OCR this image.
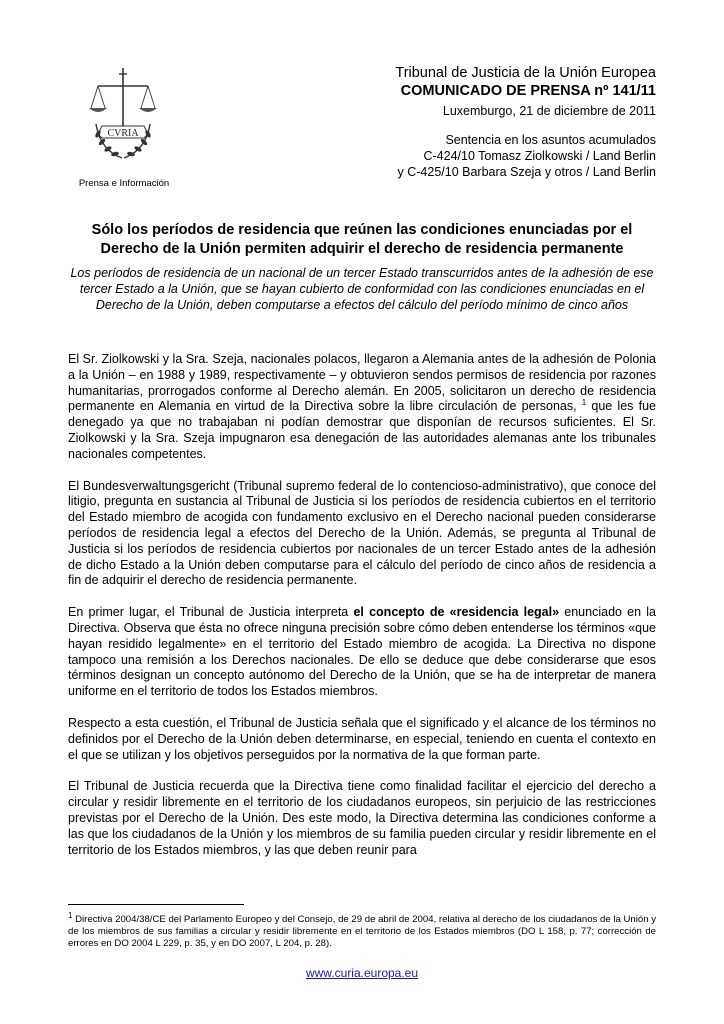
CVRIA
Prensa e Información
Tribunal de Justicia de la Unión Europea
COMUNICADO DE PRENSA nº 141/11
Luxemburgo, 21 de diciembre de 2011
Sentencia en los asuntos acumulados
C-424/10 Tomasz Ziolkowski / Land Berlin
y C-425/10 Barbara Szeja y otros / Land Berlin
Sólo los períodos de residencia que reúnen las condiciones enunciadas por el Derecho de la Unión permiten adquirir el derecho de residencia permanente
Los períodos de residencia de un nacional de un tercer Estado transcurridos antes de la adhesión de ese tercer Estado a la Unión, que se hayan cubierto de conformidad con las condiciones enunciadas en el Derecho de la Unión, deben computarse a efectos del cálculo del período mínimo de cinco años

El Sr. Ziolkowski y la Sra. Szeja, nacionales polacos, llegaron a Alemania antes de la adhesión de Polonia a la Unión – en 1988 y 1989, respectivamente – y obtuvieron sendos permisos de residencia por razones humanitarias, prorrogados conforme al Derecho alemán. En 2005, solicitaron un derecho de residencia permanente en Alemania en virtud de la Directiva sobre la libre circulación de personas, $^1$ que les fue denegado ya que no trabajaban ni podían demostrar que disponían de recursos suficientes. El Sr. Ziolkowski y la Sra. Szeja impugnaron esa denegación de las autoridades alemanas ante los tribunales nacionales competentes.

El Bundesverwaltungsgericht (Tribunal supremo federal de lo contencioso-administrativo), que conoce del litigio, pregunta en sustancia al Tribunal de Justicia si los períodos de residencia cubiertos en el territorio del Estado miembro de acogida con fundamento exclusivo en el Derecho nacional pueden considerarse períodos de residencia legal a efectos del Derecho de la Unión. Además, se pregunta al Tribunal de Justicia si los períodos de residencia cubiertos por nacionales de un tercer Estado antes de la adhesión de dicho Estado a la Unión deben computarse para el cálculo del período de cinco años de residencia a fin de adquirir el derecho de residencia permanente.

En primer lugar, el Tribunal de Justicia interpreta el concepto de «residencia legal» enunciado en la Directiva. Observa que ésta no ofrece ninguna precisión sobre cómo deben entenderse los términos «que hayan residido legalmente» en el territorio del Estado miembro de acogida. La Directiva no dispone tampoco una remisión a los Derechos nacionales. De ello se deduce que debe considerarse que esos términos designan un concepto autónomo del Derecho de la Unión, que se ha de interpretar de manera uniforme en el territorio de todos los Estados miembros.

Respecto a esta cuestión, el Tribunal de Justicia señala que el significado y el alcance de los términos no definidos por el Derecho de la Unión deben determinarse, en especial, teniendo en cuenta el contexto en el que se utilizan y los objetivos perseguidos por la normativa de la que forman parte.

El Tribunal de Justicia recuerda que la Directiva tiene como finalidad facilitar el ejercicio del derecho a circular y residir libremente en el territorio de los ciudadanos europeos, sin perjuicio de las restricciones previstas por el Derecho de la Unión. Des este modo, la Directiva determina las condiciones conforme a las que los ciudadanos de la Unión y los miembros de su familia pueden circular y residir libremente en el territorio de los Estados miembros, y las que deben reunir para

$^1$ Directiva 2004/38/CE del Parlamento Europeo y del Consejo, de 29 de abril de 2004, relativa al derecho de los ciudadanos de la Unión y de los miembros de sus familias a circular y residir libremente en el territorio de los Estados miembros (DO L 158, p. 77; corrección de errores en DO 2004 L 229, p. 35, y en DO 2007, L 204, p. 28).
www.curia.europa.eu
